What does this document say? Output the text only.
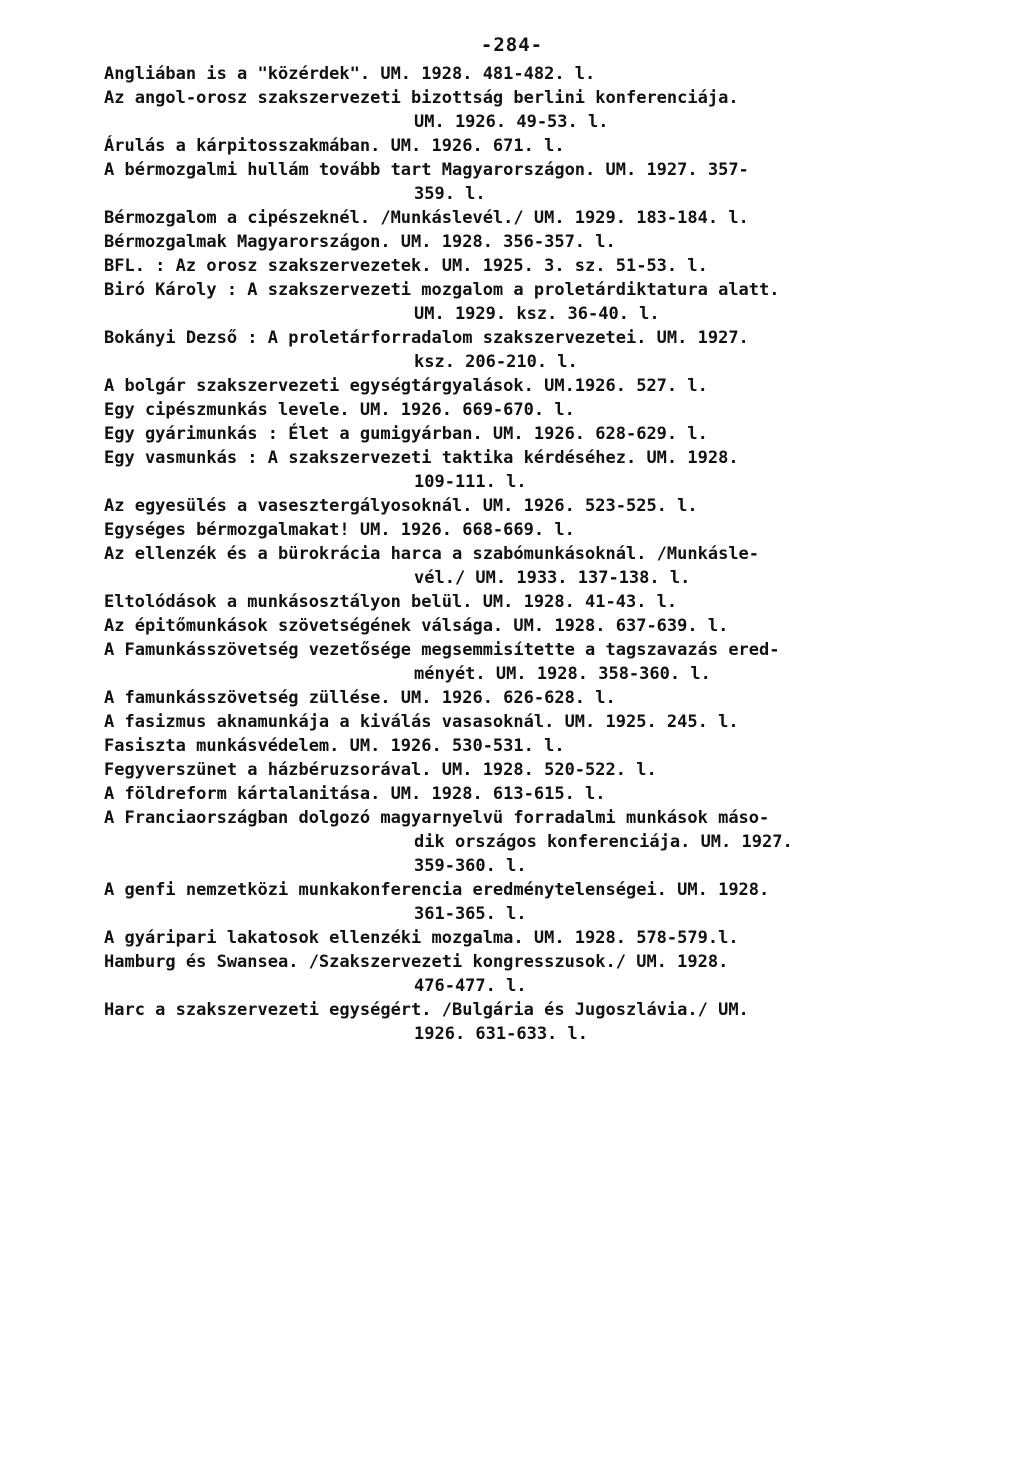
-284-
Angliában is a "közérdek". UM. 1928. 481-482. l.
Az angol-orosz szakszervezeti bizottság berlini konferenciája.
UM. 1926. 49-53. l.
Árulás a kárpitosszakmában. UM. 1926. 671. l.
A bérmozgalmi hullám tovább tart Magyarországon. UM. 1927. 357-
359. l.
Bérmozgalom a cipészeknél. /Munkáslevél./ UM. 1929. 183-184. l.
Bérmozgalmak Magyarországon. UM. 1928. 356-357. l.
BFL. : Az orosz szakszervezetek. UM. 1925. 3. sz. 51-53. l.
Biró Károly : A szakszervezeti mozgalom a proletárdiktatura alatt.
UM. 1929. ksz. 36-40. l.
Bokányi Dezső : A proletárforradalom szakszervezetei. UM. 1927.
ksz. 206-210. l.
A bolgár szakszervezeti egységtárgyalások. UM.1926. 527. l.
Egy cipészmunkás levele. UM. 1926. 669-670. l.
Egy gyárimunkás : Élet a gumigyárban. UM. 1926. 628-629. l.
Egy vasmunkás : A szakszervezeti taktika kérdéséhez. UM. 1928.
109-111. l.
Az egyesülés a vasesztergályosoknál. UM. 1926. 523-525. l.
Egységes bérmozgalmakat! UM. 1926. 668-669. l.
Az ellenzék és a bürokrácia harca a szabómunkásoknál. /Munkásle-
vél./ UM. 1933. 137-138. l.
Eltolódások a munkásosztályon belül. UM. 1928. 41-43. l.
Az épitőmunkások szövetségének válsága. UM. 1928. 637-639. l.
A Famunkásszövetség vezetősége megsemmisítette a tagszavazás ered-
ményét. UM. 1928. 358-360. l.
A famunkásszövetség züllése. UM. 1926. 626-628. l.
A fasizmus aknamunkája a kiválás vasasoknál. UM. 1925. 245. l.
Fasiszta munkásvédelem. UM. 1926. 530-531. l.
Fegyverszünet a házbéruzsorával. UM. 1928. 520-522. l.
A földreform kártalanitása. UM. 1928. 613-615. l.
A Franciaországban dolgozó magyarnyelvü forradalmi munkások máso-
dik országos konferenciája. UM. 1927.
359-360. l.
A genfi nemzetközi munkakonferencia eredménytelenségei. UM. 1928.
361-365. l.
A gyáripari lakatosok ellenzéki mozgalma. UM. 1928. 578-579.l.
Hamburg és Swansea. /Szakszervezeti kongresszusok./ UM. 1928.
476-477. l.
Harc a szakszervezeti egységért. /Bulgária és Jugoszlávia./ UM.
1926. 631-633. l.
